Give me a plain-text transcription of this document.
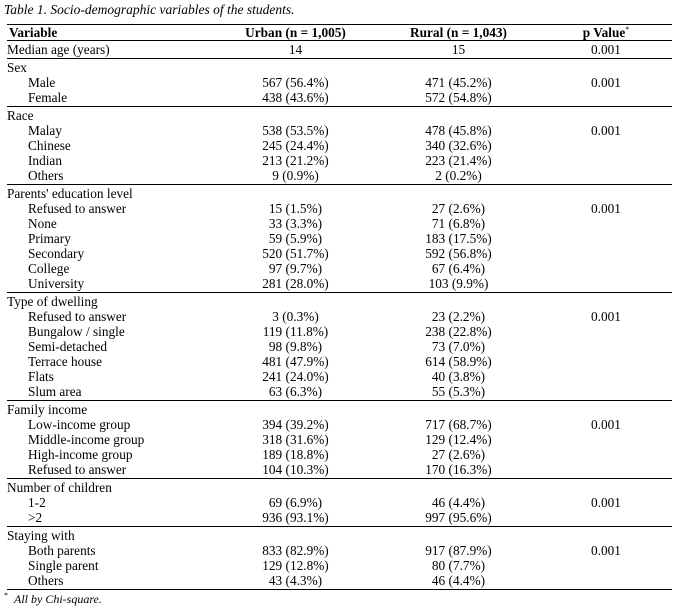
Table 1. Socio-demographic variables of the students.
Variable	Urban (n = 1,005)	Rural (n = 1,043)	p Value*
Median age (years)	14	15	0.001
Sex			
Male	567 (56.4%)	471 (45.2%)	0.001
Female	438 (43.6%)	572 (54.8%)	
Race			
Malay	538 (53.5%)	478 (45.8%)	0.001
Chinese	245 (24.4%)	340 (32.6%)	
Indian	213 (21.2%)	223 (21.4%)	
Others	9 (0.9%)	2 (0.2%)	
Parents' education level			
Refused to answer	15 (1.5%)	27 (2.6%)	0.001
None	33 (3.3%)	71 (6.8%)	
Primary	59 (5.9%)	183 (17.5%)	
Secondary	520 (51.7%)	592 (56.8%)	
College	97 (9.7%)	67 (6.4%)	
University	281 (28.0%)	103 (9.9%)	
Type of dwelling			
Refused to answer	3 (0.3%)	23 (2.2%)	0.001
Bungalow / single	119 (11.8%)	238 (22.8%)	
Semi-detached	98 (9.8%)	73 (7.0%)	
Terrace house	481 (47.9%)	614 (58.9%)	
Flats	241 (24.0%)	40 (3.8%)	
Slum area	63 (6.3%)	55 (5.3%)	
Family income			
Low-income group	394 (39.2%)	717 (68.7%)	0.001
Middle-income group	318 (31.6%)	129 (12.4%)	
High-income group	189 (18.8%)	27 (2.6%)	
Refused to answer	104 (10.3%)	170 (16.3%)	
Number of children			
1-2	69 (6.9%)	46 (4.4%)	0.001
>2	936 (93.1%)	997 (95.6%)	
Staying with			
Both parents	833 (82.9%)	917 (87.9%)	0.001
Single parent	129 (12.8%)	80 (7.7%)	
Others	43 (4.3%)	46 (4.4%)	
* All by Chi-square.
